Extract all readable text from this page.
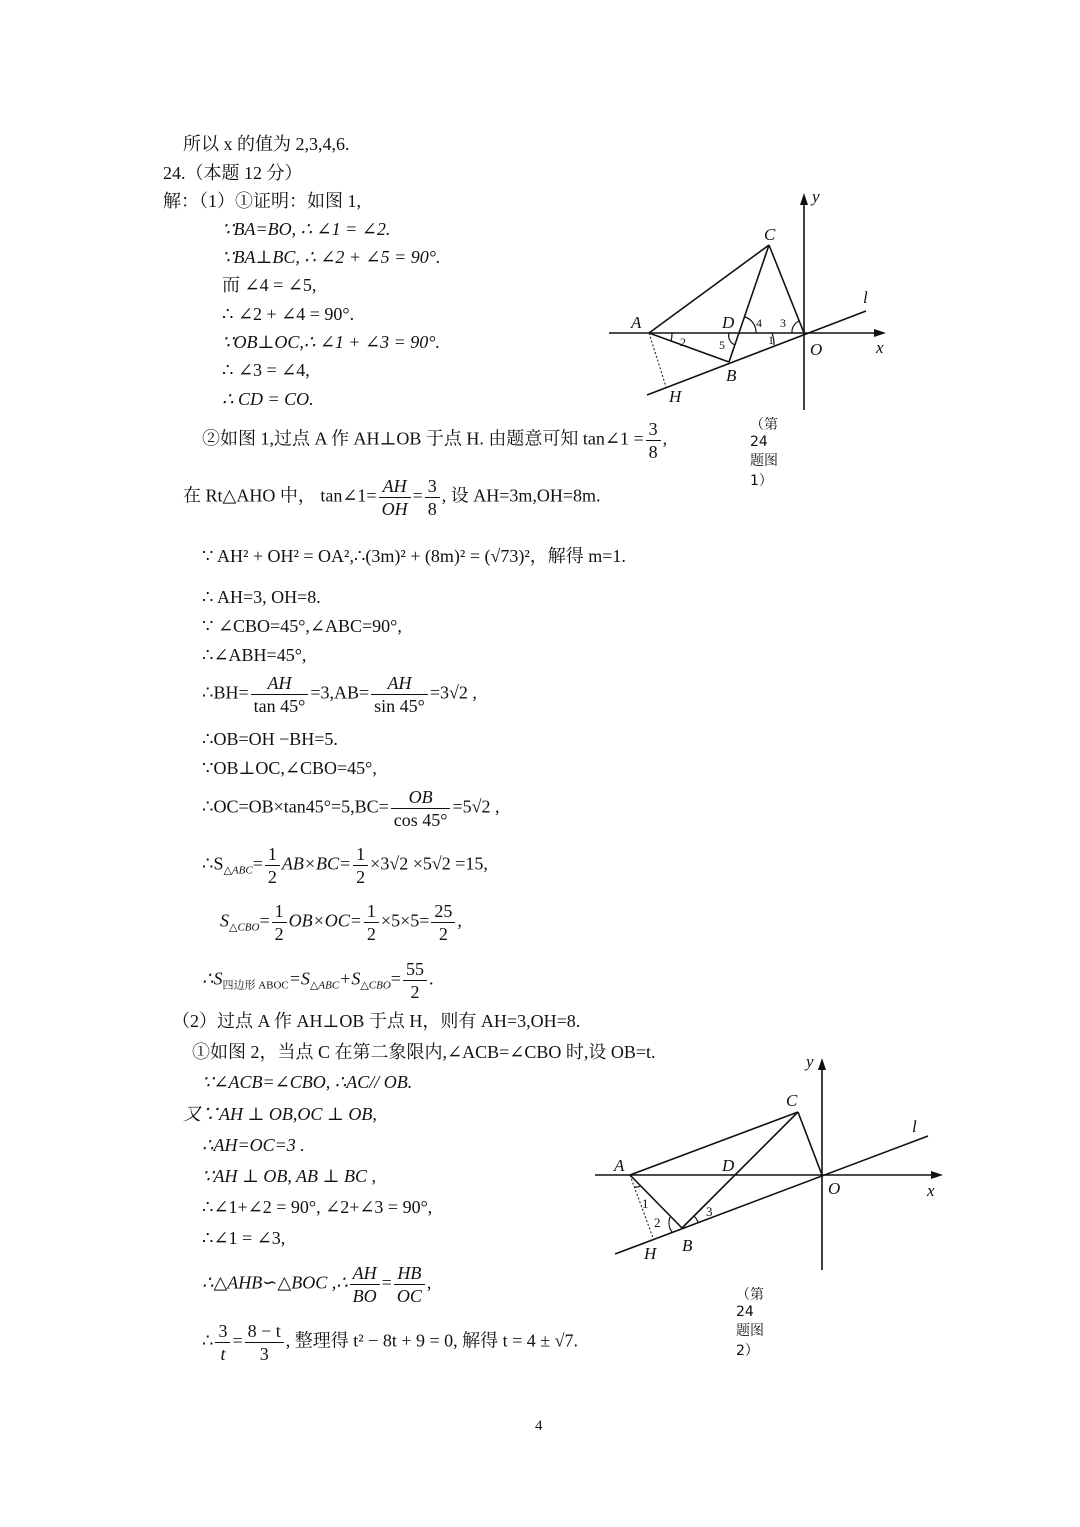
所以 x 的值为 2,3,4,6.
24.（本题 12 分）
解：（1）①证明：如图 1,
∵BA=BO, ∴ ∠1 = ∠2.
∵BA⊥BC, ∴ ∠2 + ∠5 = 90°.
而 ∠4 = ∠5,
∴ ∠2 + ∠4 = 90°.
∵OB⊥OC,∴ ∠1 + ∠3 = 90°.
∴ ∠3 = ∠4,
∴ CD = CO.
②如图 1,过点 A 作 AH⊥OB 于点 H. 由题意可知 tan∠1 = $\frac{3}{8}$ ,
在 Rt△AHO 中， tan∠1= $\frac{AH}{OH} = \frac{3}{8}$ , 设 AH=3m,OH=8m.
∵ AH² + OH² = OA²,∴(3m)² + (8m)² = (√73)²，解得 m=1.
∴ AH=3, OH=8.
∵ ∠CBO=45°,∠ABC=90°,
∴∠ABH=45°,
∴BH= $\frac{AH}{\tan 45^\circ} =3,AB= \frac{AH}{\sin 45^\circ} =3√2$ ,
∴OB=OH −BH=5.
∵OB⊥OC,∠CBO=45°,
∴OC=OB×tan45°=5,BC= $\frac{OB}{\cos 45^\circ} =5√2$ ,
$\therefore S_{\triangle ABC}= \frac{1}{2} AB\times BC= \frac{1}{2} \times 3√2 \times 5√2 =15$,
$S_{\triangle CBO}= \frac{1}{2} OB\times OC= \frac{1}{2} \times 5\times 5= \frac{25}{2}$ ,
$\therefore S_{四边形 ABOC}=S_{\triangle ABC}+S_{\triangle CBO}= \frac{55}{2}$ .
（2）过点 A 作 AH⊥OB 于点 H，则有 AH=3,OH=8.
①如图 2，当点 C 在第二象限内,∠ACB=∠CBO 时,设 OB=t.
∵∠ACB=∠CBO, ∴AC// OB.
又∵AH ⊥ OB,OC ⊥ OB,
∴AH=OC=3 .
∵AH ⊥ OB, AB ⊥ BC ,
∴∠1+∠2 = 90°, ∠2+∠3 = 90°,
∴∠1 = ∠3,
∴△AHB∽△BOC ,∴ $\frac{AH}{BO} = \frac{HB}{OC}$ ,
∴ $\frac{3}{t} = \frac{8 - t}{3}$ , 整理得 t² − 8t + 9 = 0, 解得 t = 4 ± √7.
A
C
D
B
H
O	x
y
l
2
4
5
3
1
（第 24 题图 1）
A
C
D
B
H
O	x
y
l
1
2
3
（第 24 题图 2）
4
